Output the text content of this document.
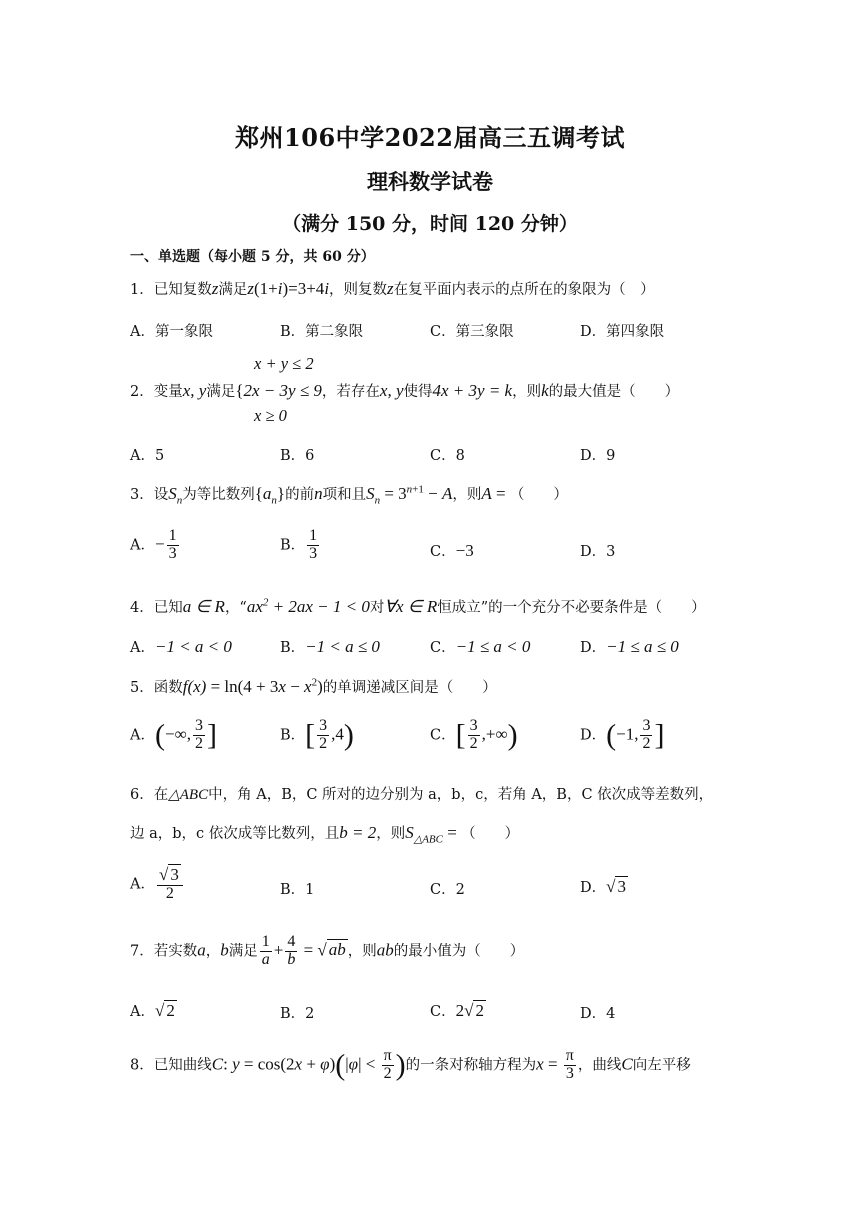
郑州106中学2022届高三五调考试
理科数学试卷
（满分 150 分，时间 120 分钟）
一、单选题（每小题 5 分，共 60 分）
1．已知复数z满足z(1+i)=3+4i，则复数z在复平面内表示的点所在的象限为（　）
A．第一象限	B．第二象限	C．第三象限	D．第四象限
x + y ≤ 2
2．变量x, y满足{2x − 3y ≤ 9，若存在x, y使得4x + 3y = k，则k的最大值是（　　）
x ≥ 0
A．5	B．6	C．8	D．9
3．设$S_n$为等比数列$\{a_n\}$的前n项和且$S_n = 3^{n+1} - A$，则A = （　　）
A．− $\frac{1}{3}$	B． $\frac{1}{3}$	C．−3	D．3
4．已知a ∈ R，“$ax^2 + 2ax - 1 < 0$对∀x ∈ R恒成立”的一个充分不必要条件是（　　）
A．−1 < a < 0	B．−1 < a ≤ 0	C．−1 ≤ a < 0	D．−1 ≤ a ≤ 0
5．函数$f(x) = \ln(4 + 3x - x^2)$的单调递减区间是（　　）
A．(−∞, $\frac{3}{2}$ ]	B．[ $\frac{3}{2} ,4$)	C．[ $\frac{3}{2}$ ,+∞)	D．(−1, $\frac{3}{2}$ ]
6．在△ABC中，角 A，B，C 所对的边分别为 a，b，c，若角 A，B，C 依次成等差数列，
边 a，b，c 依次成等比数列，且b = 2，则$S_{\triangle ABC}$ = （　　）
A． $\frac{√ 3}{2}$	B．1	C．2	D．√ 3
7．若实数a，b满足 $\frac{1}{a} + \frac{4}{b}$ = √ ab ，则ab的最小值为（　　）
A．√ 2	B．2	C．2√ 2	D．4
8．已知曲线C: $y = \cos(2x + \varphi)(|\varphi| < \frac{\pi}{2}$ )的一条对称轴方程为$x = \frac{\pi}{3}$ ，曲线C向左平移
